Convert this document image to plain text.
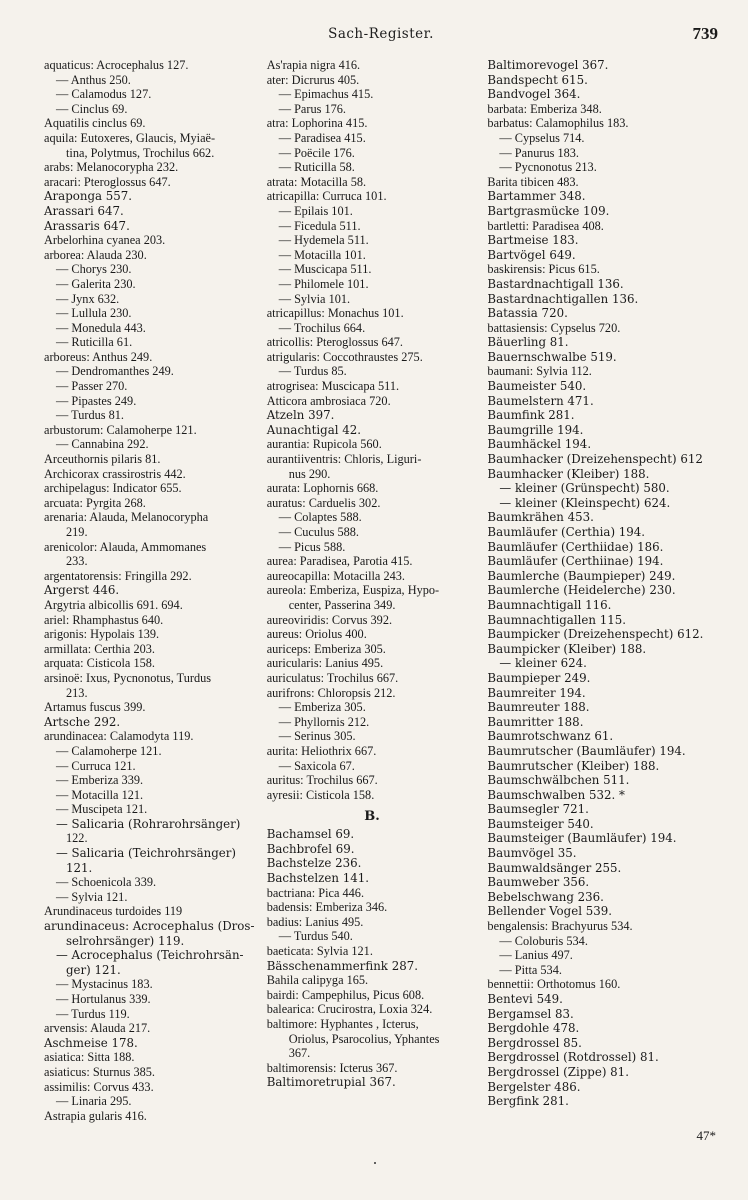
Sach-Register.	739
aquaticus: Acrocephalus 127.
— Anthus 250.
— Calamodus 127.
— Cinclus 69.
Aquatilis cinclus 69.
aquila: Eutoxeres, Glaucis, Myiaë-
tina, Polytmus, Trochilus 662.
arabs: Melanocorypha 232.
aracari: Pteroglossus 647.
Araponga 557.
Arassari 647.
Arassaris 647.
Arbelorhina cyanea 203.
arborea: Alauda 230.
— Chorys 230.
— Galerita 230.
— Jynx 632.
— Lullula 230.
— Monedula 443.
— Ruticilla 61.
arboreus: Anthus 249.
— Dendromanthes 249.
— Passer 270.
— Pipastes 249.
— Turdus 81.
arbustorum: Calamoherpe 121.
— Cannabina 292.
Arceuthornis pilaris 81.
Archicorax crassirostris 442.
archipelagus: Indicator 655.
arcuata: Pyrgita 268.
arenaria: Alauda, Melanocorypha
219.
arenicolor: Alauda, Ammomanes
233.
argentatorensis: Fringilla 292.
Argerst 446.
Argytria albicollis 691. 694.
ariel: Rhamphastus 640.
arigonis: Hypolais 139.
armillata: Certhia 203.
arquata: Cisticola 158.
arsinoë: Ixus, Pycnonotus, Turdus
213.
Artamus fuscus 399.
Artsche 292.
arundinacea: Calamodyta 119.
— Calamoherpe 121.
— Curruca 121.
— Emberiza 339.
— Motacilla 121.
— Muscipeta 121.
— Salicaria (Rohrarohrsänger)
122.
— Salicaria (Teichrohrsänger) 121.
— Schoenicola 339.
— Sylvia 121.
Arundinaceus turdoides 119
arundinaceus: Acrocephalus (Dros-
selrohrsänger) 119.
— Acrocephalus (Teichrohrsän-
ger) 121.
— Mystacinus 183.
— Hortulanus 339.
— Turdus 119.
arvensis: Alauda 217.
Aschmeise 178.
asiatica: Sitta 188.
asiaticus: Sturnus 385.
assimilis: Corvus 433.
— Linaria 295.
Astrapia gularis 416.
As'rapia nigra 416.
ater: Dicrurus 405.
— Epimachus 415.
— Parus 176.
atra: Lophorina 415.
— Paradisea 415.
— Poëcile 176.
— Ruticilla 58.
atrata: Motacilla 58.
atricapilla: Curruca 101.
— Epilais 101.
— Ficedula 511.
— Hydemela 511.
— Motacilla 101.
— Muscicapa 511.
— Philomele 101.
— Sylvia 101.
atricapillus: Monachus 101.
— Trochilus 664.
atricollis: Pteroglossus 647.
atrigularis: Coccothraustes 275.
— Turdus 85.
atrogrisea: Muscicapa 511.
Atticora ambrosiaca 720.
Atzeln 397.
Aunachtigal 42.
aurantia: Rupicola 560.
aurantiiventris: Chloris, Liguri-
nus 290.
aurata: Lophornis 668.
auratus: Carduelis 302.
— Colaptes 588.
— Cuculus 588.
— Picus 588.
aurea: Paradisea, Parotia 415.
aureocapilla: Motacilla 243.
aureola: Emberiza, Euspiza, Hypo-
center, Passerina 349.
aureoviridis: Corvus 392.
aureus: Oriolus 400.
auriceps: Emberiza 305.
auricularis: Lanius 495.
auriculatus: Trochilus 667.
aurifrons: Chloropsis 212.
— Emberiza 305.
— Phyllornis 212.
— Serinus 305.
aurita: Heliothrix 667.
— Saxicola 67.
auritus: Trochilus 667.
ayresii: Cisticola 158.
B.
Bachamsel 69.
Bachbrofel 69.
Bachstelze 236.
Bachstelzen 141.
bactriana: Pica 446.
badensis: Emberiza 346.
badius: Lanius 495.
— Turdus 540.
baeticata: Sylvia 121.
Bässchenammerfink 287.
Bahila calipyga 165.
bairdi: Campephilus, Picus 608.
balearica: Crucirostra, Loxia 324.
baltimore: Hyphantes , Icterus,
Oriolus, Psarocolius, Yphantes
367.
baltimorensis: Icterus 367.
Baltimoretrupial 367.
Baltimorevogel 367.
Bandspecht 615.
Bandvogel 364.
barbata: Emberiza 348.
barbatus: Calamophilus 183.
— Cypselus 714.
— Panurus 183.
— Pycnonotus 213.
Barita tibicen 483.
Bartammer 348.
Bartgrasmücke 109.
bartletti: Paradisea 408.
Bartmeise 183.
Bartvögel 649.
baskirensis: Picus 615.
Bastardnachtigall 136.
Bastardnachtigallen 136.
Batassia 720.
battasiensis: Cypselus 720.
Bäuerling 81.
Bauernschwalbe 519.
baumani: Sylvia 112.
Baumeister 540.
Baumelstern 471.
Baumfink 281.
Baumgrille 194.
Baumhäckel 194.
Baumhacker (Dreizehenspecht) 612
Baumhacker (Kleiber) 188.
— kleiner (Grünspecht) 580.
— kleiner (Kleinspecht) 624.
Baumkrähen 453.
Baumläufer (Certhia) 194.
Baumläufer (Certhiidae) 186.
Baumläufer (Certhiinae) 194.
Baumlerche (Baumpieper) 249.
Baumlerche (Heidelerche) 230.
Baumnachtigall 116.
Baumnachtigallen 115.
Baumpicker (Dreizehenspecht) 612.
Baumpicker (Kleiber) 188.
— kleiner 624.
Baumpieper 249.
Baumreiter 194.
Baumreuter 188.
Baumritter 188.
Baumrotschwanz 61.
Baumrutscher (Baumläufer) 194.
Baumrutscher (Kleiber) 188.
Baumschwälbchen 511.
Baumschwalben 532. *
Baumsegler 721.
Baumsteiger 540.
Baumsteiger (Baumläufer) 194.
Baumvögel 35.
Baumwaldsänger 255.
Baumweber 356.
Bebelschwang 236.
Bellender Vogel 539.
bengalensis: Brachyurus 534.
— Coloburis 534.
— Lanius 497.
— Pitta 534.
bennettii: Orthotomus 160.
Bentevi 549.
Bergamsel 83.
Bergdohle 478.
Bergdrossel 85.
Bergdrossel (Rotdrossel) 81.
Bergdrossel (Zippe) 81.
Bergelster 486.
Bergfink 281.
47*
